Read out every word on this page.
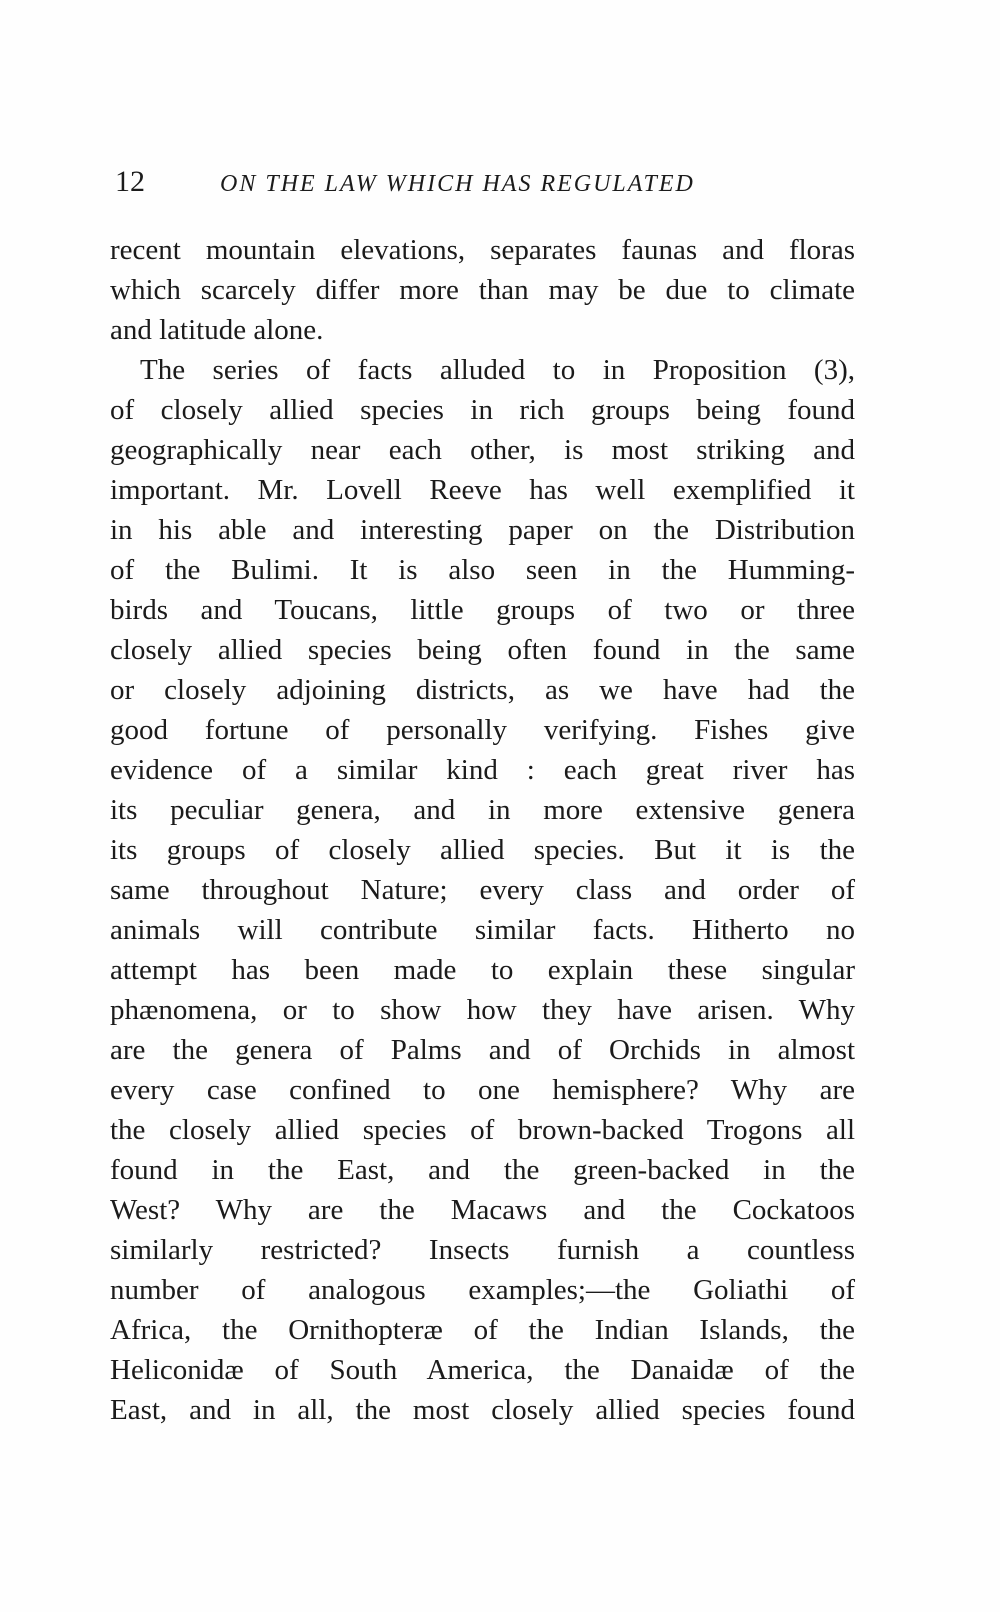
12	ON THE LAW WHICH HAS REGULATED
recent mountain elevations, separates faunas and floras
which scarcely differ more than may be due to climate
and latitude alone.
The series of facts alluded to in Proposition (3),
of closely allied species in rich groups being found
geographically near each other, is most striking and
important. Mr. Lovell Reeve has well exemplified it
in his able and interesting paper on the Distribution
of the Bulimi. It is also seen in the Humming-
birds and Toucans, little groups of two or three
closely allied species being often found in the same
or closely adjoining districts, as we have had the
good fortune of personally verifying. Fishes give
evidence of a similar kind : each great river has
its peculiar genera, and in more extensive genera
its groups of closely allied species. But it is the
same throughout Nature; every class and order of
animals will contribute similar facts. Hitherto no
attempt has been made to explain these singular
phænomena, or to show how they have arisen. Why
are the genera of Palms and of Orchids in almost
every case confined to one hemisphere? Why are
the closely allied species of brown-backed Trogons all
found in the East, and the green-backed in the
West? Why are the Macaws and the Cockatoos
similarly restricted? Insects furnish a countless
number of analogous examples;—the Goliathi of
Africa, the Ornithopteræ of the Indian Islands, the
Heliconidæ of South America, the Danaidæ of the
East, and in all, the most closely allied species found
